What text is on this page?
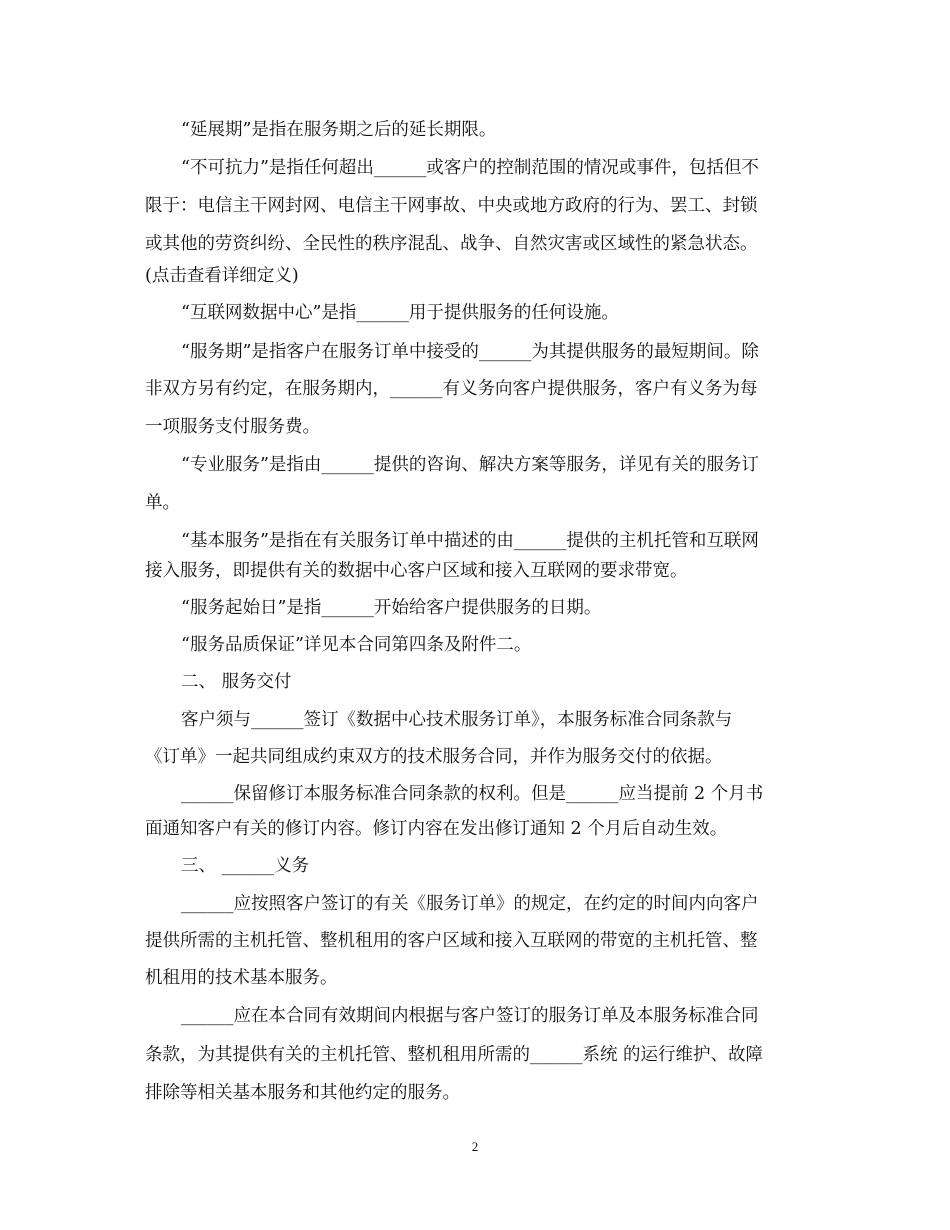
“延展期”是指在服务期之后的延长期限。
“不可抗力”是指任何超出______或客户的控制范围的情况或事件，包括但不
限于：电信主干网封网、电信主干网事故、中央或地方政府的行为、罢工、封锁
或其他的劳资纠纷、全民性的秩序混乱、战争、自然灾害或区域性的紧急状态。
(点击查看详细定义)
“互联网数据中心”是指______用于提供服务的任何设施。
“服务期”是指客户在服务订单中接受的______为其提供服务的最短期间。除
非双方另有约定，在服务期内，______有义务向客户提供服务，客户有义务为每
一项服务支付服务费。
“专业服务”是指由______提供的咨询、解决方案等服务，详见有关的服务订
单。
“基本服务”是指在有关服务订单中描述的由______提供的主机托管和互联网
接入服务，即提供有关的数据中心客户区域和接入互联网的要求带宽。
“服务起始日”是指______开始给客户提供服务的日期。
“服务品质保证”详见本合同第四条及附件二。
二、 服务交付
客户须与______签订《数据中心技术服务订单》，本服务标准合同条款与
《订单》一起共同组成约束双方的技术服务合同，并作为服务交付的依据。
______保留修订本服务标准合同条款的权利。但是______应当提前 2 个月书
面通知客户有关的修订内容。修订内容在发出修订通知 2 个月后自动生效。
三、 ______义务
______应按照客户签订的有关《服务订单》的规定，在约定的时间内向客户
提供所需的主机托管、整机租用的客户区域和接入互联网的带宽的主机托管、整
机租用的技术基本服务。
______应在本合同有效期间内根据与客户签订的服务订单及本服务标准合同
条款，为其提供有关的主机托管、整机租用所需的______系统 的运行维护、故障
排除等相关基本服务和其他约定的服务。
2
